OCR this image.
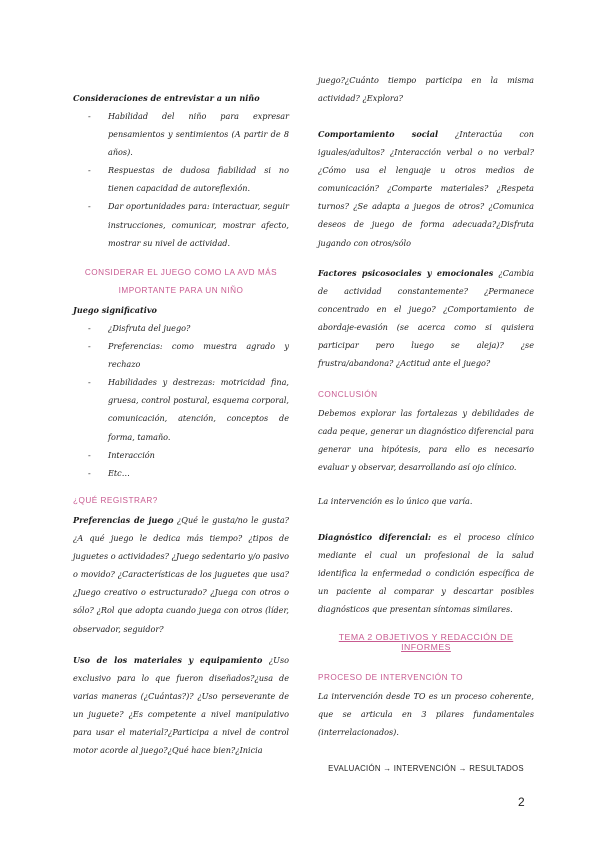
Consideraciones de entrevistar a un niño
- Habilidad del niño para expresar pensamientos y sentimientos (A partir de 8 años).
- Respuestas de dudosa fiabilidad si no tienen capacidad de autoreflexión.
- Dar oportunidades para: interactuar, seguir instrucciones, comunicar, mostrar afecto, mostrar su nivel de actividad.
CONSIDERAR EL JUEGO COMO LA AVD MÁS IMPORTANTE PARA UN NIÑO
Juego significativo
- ¿Disfruta del juego?
- Preferencias: como muestra agrado y rechazo
- Habilidades y destrezas: motricidad fina, gruesa, control postural, esquema corporal, comunicación, atención, conceptos de forma, tamaño.
- Interacción
- Etc…
¿QUÉ REGISTRAR?

Preferencias de juego ¿Qué le gusta/no le gusta? ¿A qué juego le dedica más tiempo? ¿tipos de juguetes o actividades? ¿Juego sedentario y/o pasivo o movido? ¿Características de los juguetes que usa? ¿Juego creativo o estructurado? ¿Juega con otros o sólo? ¿Rol que adopta cuando juega con otros (líder, observador, seguidor?

Uso de los materiales y equipamiento ¿Uso exclusivo para lo que fueron diseñados?¿usa de varias maneras (¿Cuántas?)? ¿Uso perseverante de un juguete? ¿Es competente a nivel manipulativo para usar el material?¿Participa a nivel de control motor acorde al juego?¿Qué hace bien?¿Inicia

juego?¿Cuánto tiempo participa en la misma actividad? ¿Explora?

Comportamiento social ¿Interactúa con iguales/adultos? ¿Interacción verbal o no verbal? ¿Cómo usa el lenguaje u otros medios de comunicación? ¿Comparte materiales? ¿Respeta turnos? ¿Se adapta a juegos de otros? ¿Comunica deseos de juego de forma adecuada?¿Disfruta jugando con otros/sólo

Factores psicosociales y emocionales ¿Cambia de actividad constantemente? ¿Permanece concentrado en el juego? ¿Comportamiento de abordaje-evasión (se acerca como si quisiera participar pero luego se aleja)? ¿se frustra/abandona? ¿Actitud ante el juego?

CONCLUSIÓN

Debemos explorar las fortalezas y debilidades de cada peque, generar un diagnóstico diferencial para generar una hipótesis, para ello es necesario evaluar y observar, desarrollando así ojo clínico.

La intervención es lo único que varía.

Diagnóstico diferencial: es el proceso clínico mediante el cual un profesional de la salud identifica la enfermedad o condición específica de un paciente al comparar y descartar posibles diagnósticos que presentan síntomas similares.

TEMA 2 OBJETIVOS Y REDACCIÓN DE INFORMES
PROCESO DE INTERVENCIÓN TO

La intervención desde TO es un proceso coherente, que se articula en 3 pilares fundamentales (interrelacionados).

EVALUACIÓN → INTERVENCIÓN → RESULTADOS
2
